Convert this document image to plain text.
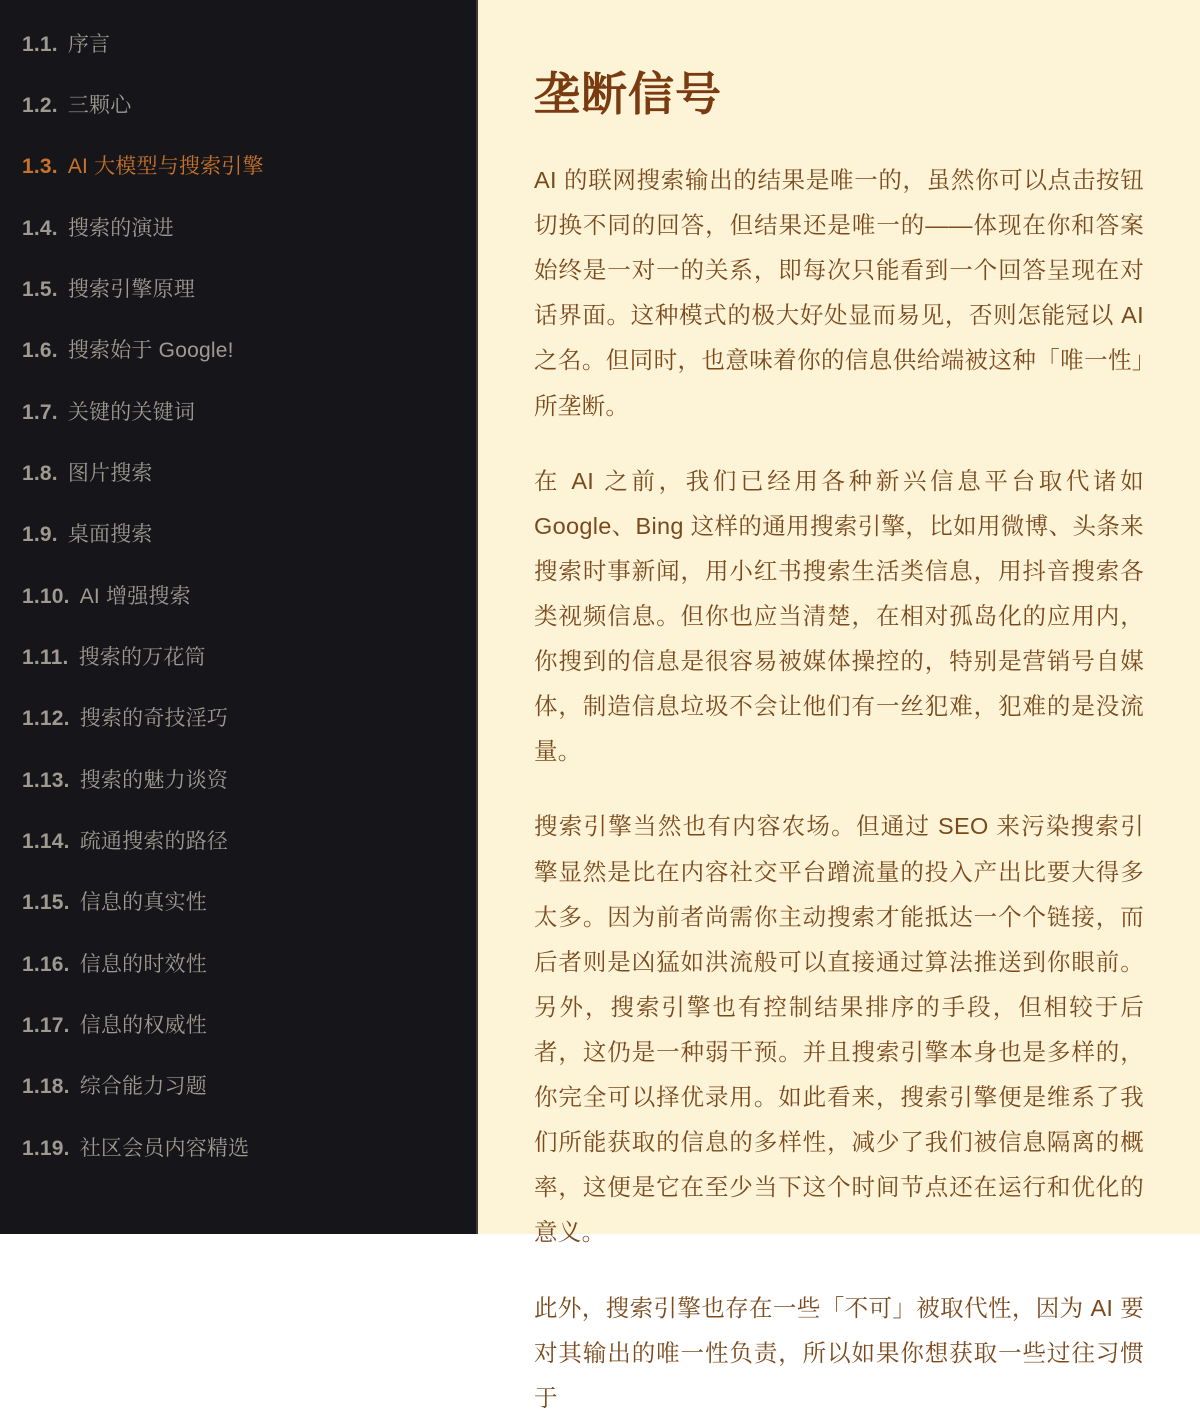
1.1. 序言
1.2. 三颗心
1.3. AI 大模型与搜索引擎
1.4. 搜索的演进
1.5. 搜索引擎原理
1.6. 搜索始于 Google!
1.7. 关键的关键词
1.8. 图片搜索
1.9. 桌面搜索
1.10. AI 增强搜索
1.11. 搜索的万花筒
1.12. 搜索的奇技淫巧
1.13. 搜索的魅力谈资
1.14. 疏通搜索的路径
1.15. 信息的真实性
1.16. 信息的时效性
1.17. 信息的权威性
1.18. 综合能力习题
1.19. 社区会员内容精选
垄断信号

AI 的联网搜索输出的结果是唯一的，虽然你可以点击按钮切换不同的回答，但结果还是唯一的——体现在你和答案始终是一对一的关系，即每次只能看到一个回答呈现在对话界面。这种模式的极大好处显而易见，否则怎能冠以 AI 之名。但同时，也意味着你的信息供给端被这种「唯一性」所垄断。

在 AI 之前，我们已经用各种新兴信息平台取代诸如 Google、Bing 这样的通用搜索引擎，比如用微博、头条来搜索时事新闻，用小红书搜索生活类信息，用抖音搜索各类视频信息。但你也应当清楚，在相对孤岛化的应用内，你搜到的信息是很容易被媒体操控的，特别是营销号自媒体，制造信息垃圾不会让他们有一丝犯难，犯难的是没流量。

搜索引擎当然也有内容农场。但通过 SEO 来污染搜索引擎显然是比在内容社交平台蹭流量的投入产出比要大得多太多。因为前者尚需你主动搜索才能抵达一个个链接，而后者则是凶猛如洪流般可以直接通过算法推送到你眼前。另外，搜索引擎也有控制结果排序的手段，但相较于后者，这仍是一种弱干预。并且搜索引擎本身也是多样的，你完全可以择优录用。如此看来，搜索引擎便是维系了我们所能获取的信息的多样性，减少了我们被信息隔离的概率，这便是它在至少当下这个时间节点还在运行和优化的意义。

此外，搜索引擎也存在一些「不可」被取代性，因为 AI 要对其输出的唯一性负责，所以如果你想获取一些过往习惯于
